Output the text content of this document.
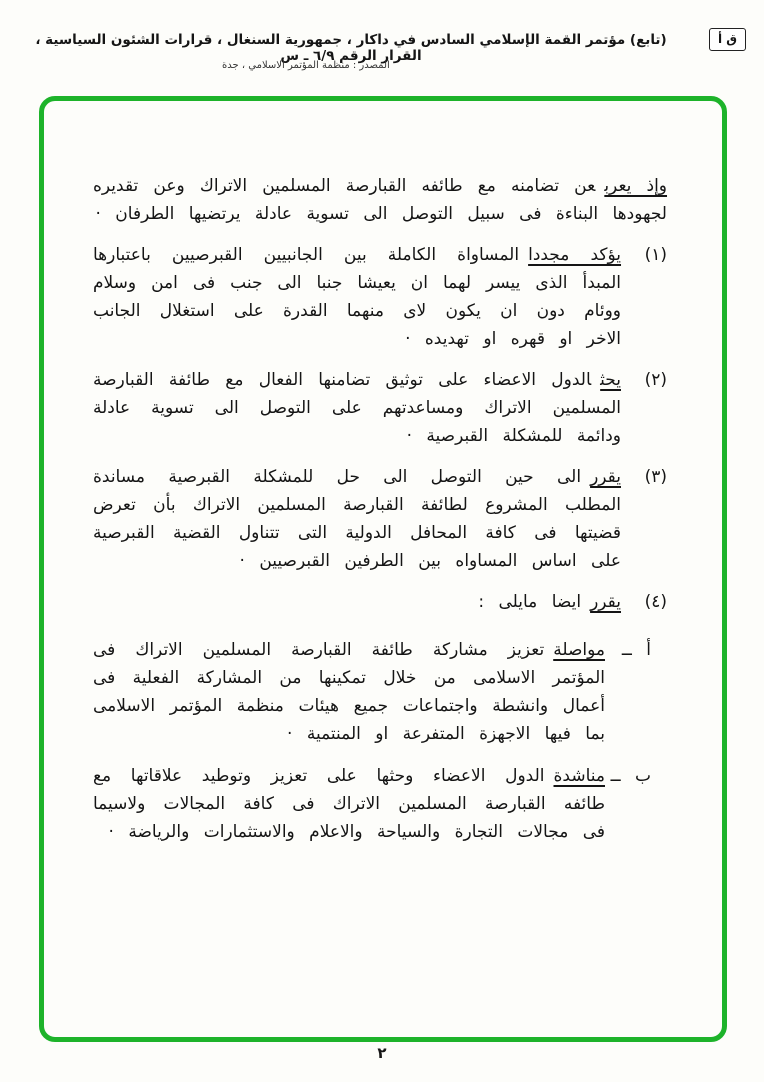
(تابع) مؤتمر القمة الإسلامي السادس في داكار ، جمهورية السنغال ، قرارات الشئون السياسية ، القرار الرقم ٦/٩ ـ س
ق أ
المصدر : منظمة المؤتمر الاسلامي ، جدة

وإذ يعربعن تضامنه مع طائفه القبارصة المسلمين الاتراك وعن تقديره لجهودها البناءة فى سبيل التوصل الى تسوية عادلة يرتضيها الطرفان ·

(١)

يؤكد مجدداالمساواة الكاملة بين الجانبيين القبرصيين باعتبارها المبدأ الذى ييسر لهما ان يعيشا جنبا الى جنب فى امن وسلام ووئام دون ان يكون لاى منهما القدرة على استغلال الجانب الاخر او قهره او تهديده ·

(٢)

يحثالدول الاعضاء على توثيق تضامنها الفعال مع طائفة القبارصة المسلمين الاتراك ومساعدتهم على التوصل الى تسوية عادلة ودائمة للمشكلة القبرصية ·

(٣)

يقررالى حين التوصل الى حل للمشكلة القبرصية مساندة المطلب المشروع لطائفة القبارصة المسلمين الاتراك بأن تعرض قضيتها فى كافة المحافل الدولية التى تتناول القضية القبرصية على اساس المساواه بين الطرفين القبرصيين ·

(٤)

يقررايضا مايلى :

أ ــ

مواصلةتعزيز مشاركة طائفة القبارصة المسلمين الاتراك فى المؤتمر الاسلامى من خلال تمكينها من المشاركة الفعلية فى أعمال وانشطة واجتماعات جميع هيئات منظمة المؤتمر الاسلامى بما فيها الاجهزة المتفرعة او المنتمية ·

ب ــ

مناشدةالدول الاعضاء وحثها على تعزيز وتوطيد علاقاتها مع طائفه القبارصة المسلمين الاتراك فى كافة المجالات ولاسيما فى مجالات التجارة والسياحة والاعلام والاستثمارات والرياضة ·

٢
